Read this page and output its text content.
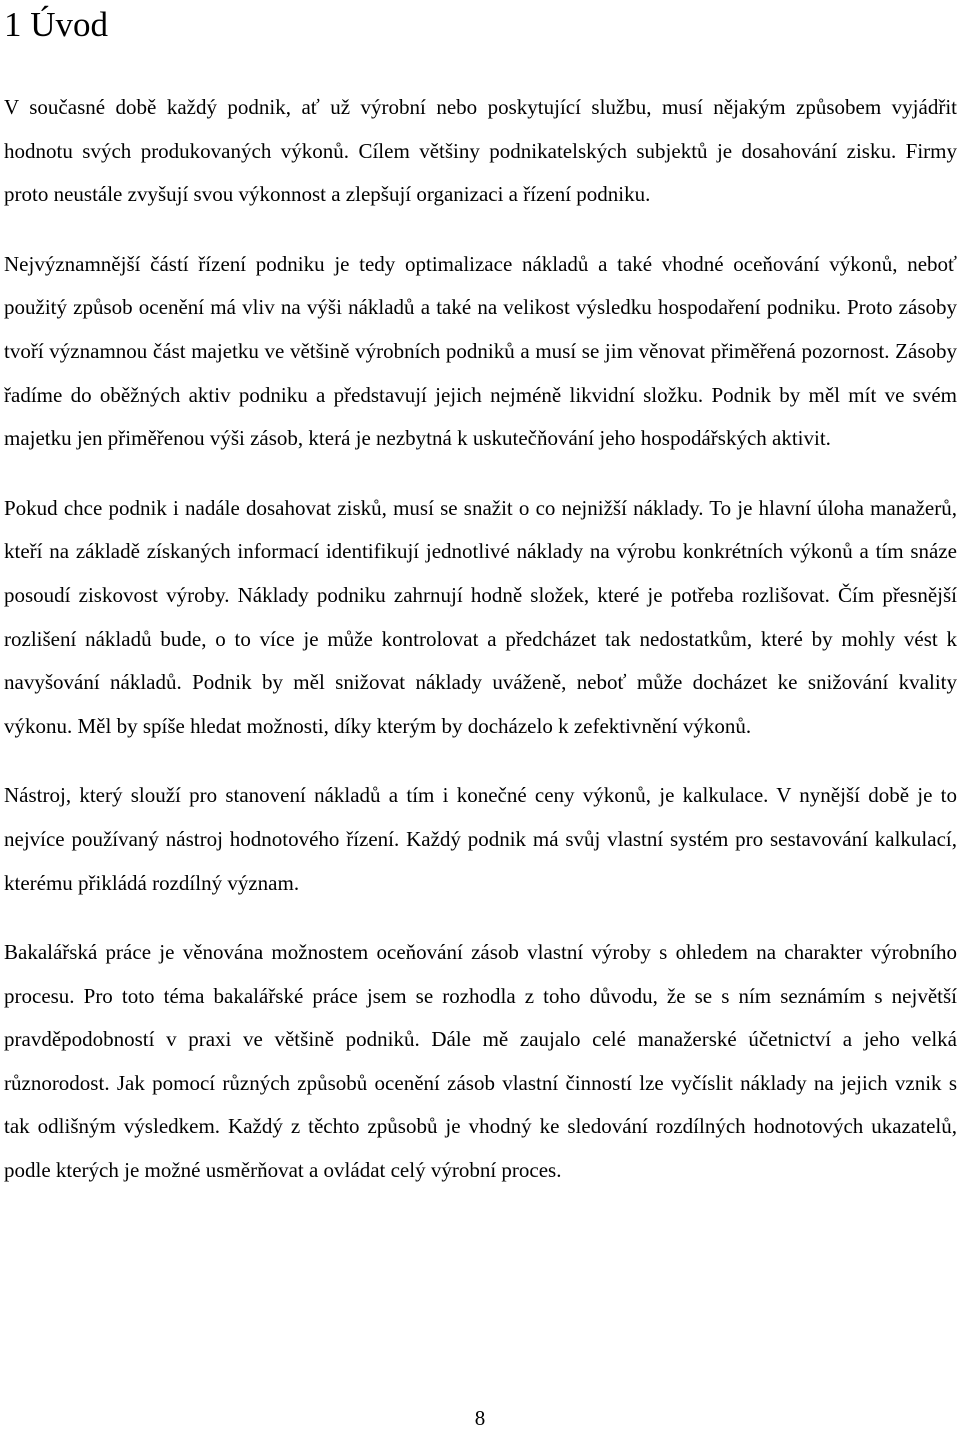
1 Úvod

V současné době každý podnik, ať už výrobní nebo poskytující službu, musí nějakým způsobem vyjádřit hodnotu svých produkovaných výkonů. Cílem většiny podnikatelských subjektů je dosahování zisku. Firmy proto neustále zvyšují svou výkonnost a zlepšují organizaci a řízení podniku.

Nejvýznamnější částí řízení podniku je tedy optimalizace nákladů a také vhodné oceňování výkonů, neboť použitý způsob ocenění má vliv na výši nákladů a také na velikost výsledku hospodaření podniku. Proto zásoby tvoří významnou část majetku ve většině výrobních podniků a musí se jim věnovat přiměřená pozornost. Zásoby řadíme do oběžných aktiv podniku a představují jejich nejméně likvidní složku. Podnik by měl mít ve svém majetku jen přiměřenou výši zásob, která je nezbytná k uskutečňování jeho hospodářských aktivit.

Pokud chce podnik i nadále dosahovat zisků, musí se snažit o co nejnižší náklady. To je hlavní úloha manažerů, kteří na základě získaných informací identifikují jednotlivé náklady na výrobu konkrétních výkonů a tím snáze posoudí ziskovost výroby. Náklady podniku zahrnují hodně složek, které je potřeba rozlišovat. Čím přesnější rozlišení nákladů bude, o to více je může kontrolovat a předcházet tak nedostatkům, které by mohly vést k navyšování nákladů. Podnik by měl snižovat náklady uváženě, neboť může docházet ke snižování kvality výkonu. Měl by spíše hledat možnosti, díky kterým by docházelo k zefektivnění výkonů.

Nástroj, který slouží pro stanovení nákladů a tím i konečné ceny výkonů, je kalkulace. V nynější době je to nejvíce používaný nástroj hodnotového řízení. Každý podnik má svůj vlastní systém pro sestavování kalkulací, kterému přikládá rozdílný význam.

Bakalářská práce je věnována možnostem oceňování zásob vlastní výroby s ohledem na charakter výrobního procesu. Pro toto téma bakalářské práce jsem se rozhodla z toho důvodu, že se s ním seznámím s největší pravděpodobností v praxi ve většině podniků. Dále mě zaujalo celé manažerské účetnictví a jeho velká různorodost. Jak pomocí různých způsobů ocenění zásob vlastní činností lze vyčíslit náklady na jejich vznik s tak odlišným výsledkem. Každý z těchto způsobů je vhodný ke sledování rozdílných hodnotových ukazatelů, podle kterých je možné usměrňovat a ovládat celý výrobní proces.

8
